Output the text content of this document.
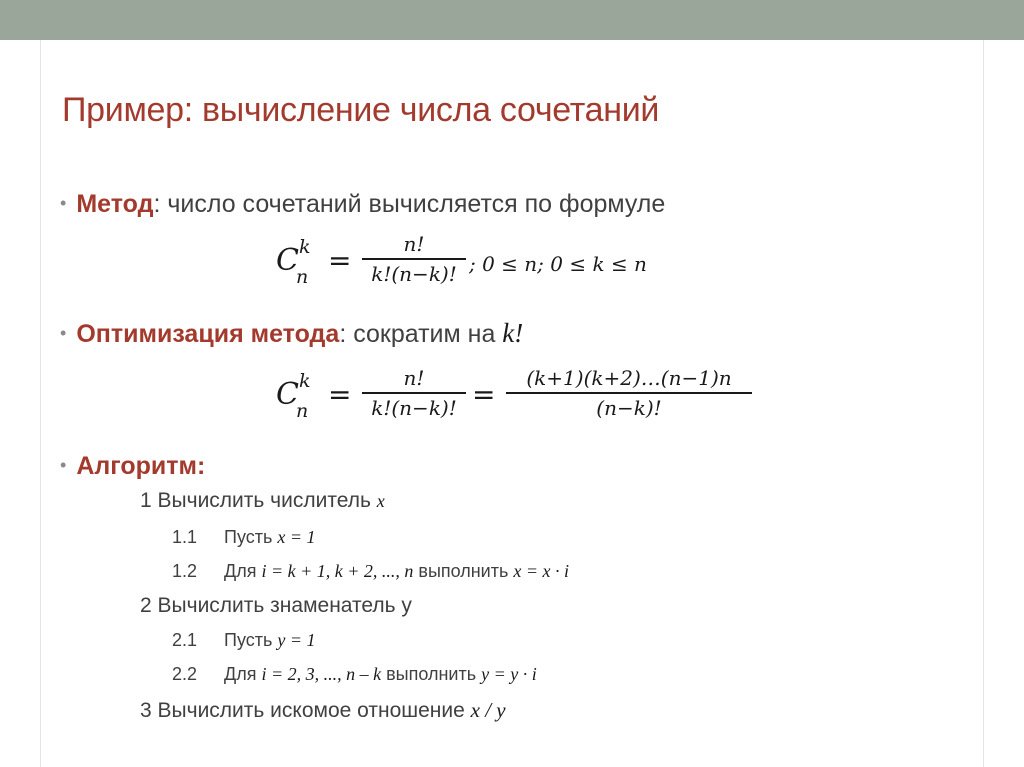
Пример: вычисление числа сочетаний
• Метод: число сочетаний вычисляется по формуле
C k
n =	n!
k!(n−k)! ; 0 ≤ n; 0 ≤ k ≤ n
• Оптимизация метода: сократим на k!
C k
n =	n!
k!(n−k)! =	(k+1)(k+2)…(n−1)n
(n−k)!
• Алгоритм:
1 Вычислить числитель x
1.1 Пусть x = 1
1.2 Для i = k + 1, k + 2, ..., n выполнить x = x · i
2 Вычислить знаменатель y
2.1 Пусть y = 1
2.2 Для i = 2, 3, ..., n – k выполнить y = y · i
3 Вычислить искомое отношение x / y
